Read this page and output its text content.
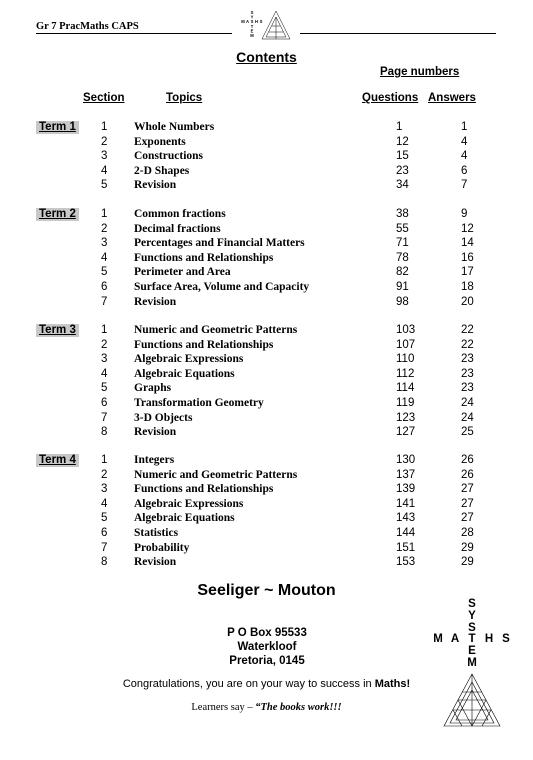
Gr 7 PracMaths CAPS
S
Y
S
T
E
M
M A H S
Contents
Page numbers
Section	Topics	Questions Answers
Term 1 1 Whole Numbers	1	1
2 Exponents	12	4
3 Constructions	15	4
4 2-D Shapes	23	6
5 Revision	34	7
Term 2 1 Common fractions	38	9
2 Decimal fractions	55	12
3 Percentages and Financial Matters	71	14
4 Functions and Relationships	78	16
5 Perimeter and Area	82	17
6 Surface Area, Volume and Capacity	91	18
7 Revision	98	20
Term 3 1 Numeric and Geometric Patterns	103	22
2 Functions and Relationships	107	22
3 Algebraic Expressions	110	23
4 Algebraic Equations	112	23
5 Graphs	114	23
6 Transformation Geometry	119	24
7 3-D Objects	123	24
8 Revision	127	25
Term 4 1 Integers	130	26
2 Numeric and Geometric Patterns	137	26
3 Functions and Relationships	139	27
4 Algebraic Expressions	141	27
5 Algebraic Equations	143	27
6 Statistics	144	28
7 Probability	151	29
8 Revision	153	29
Seeliger ~ Mouton
P O Box 95533
Waterkloof
Pretoria, 0145
Congratulations, you are on your way to success in Maths!
Learners say – “The books work!!!
S
Y
S
T
E
M
M A H S
